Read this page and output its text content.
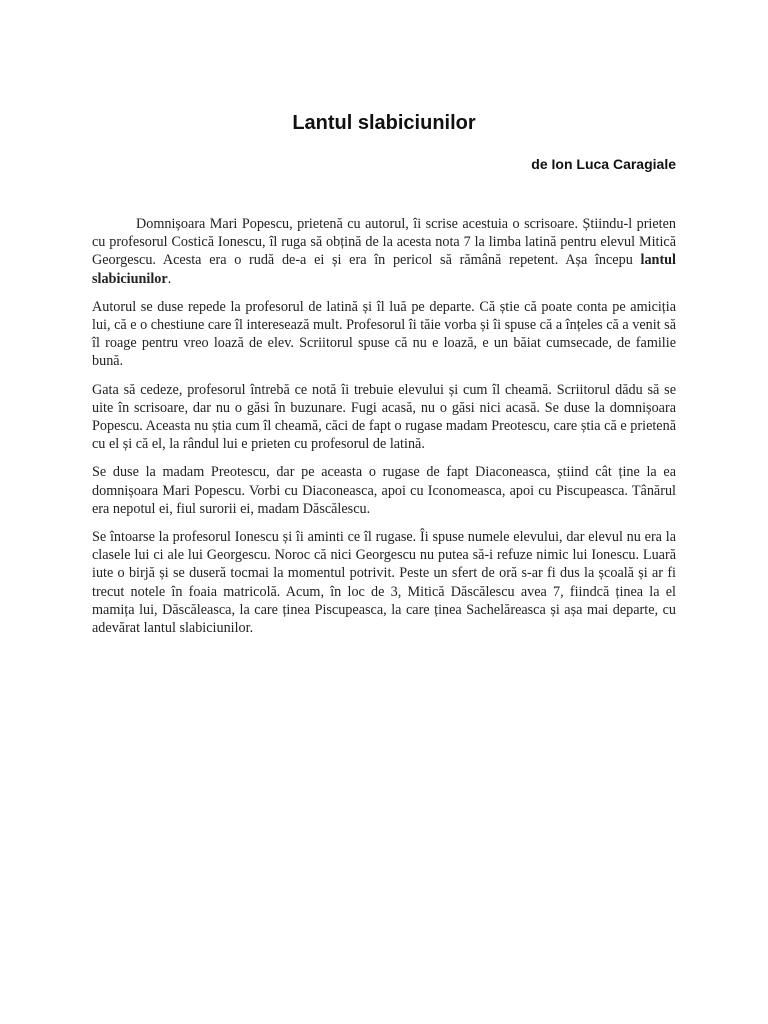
Lantul slabiciunilor

de Ion Luca Caragiale

Domnișoara Mari Popescu, prietenă cu autorul, îi scrise acestuia o scrisoare. Știindu-l prieten cu profesorul Costică Ionescu, îl ruga să obțină de la acesta nota 7 la limba latină pentru elevul Mitică Georgescu. Acesta era o rudă de-a ei și era în pericol să rămână repetent. Așa începu lantul slabiciunilor.

Autorul se duse repede la profesorul de latină și îl luă pe departe. Că știe că poate conta pe amiciția lui, că e o chestiune care îl interesează mult. Profesorul îi tăie vorba și îi spuse că a înțeles că a venit să îl roage pentru vreo loază de elev. Scriitorul spuse că nu e loază, e un băiat cumsecade, de familie bună.

Gata să cedeze, profesorul întrebă ce notă îi trebuie elevului și cum îl cheamă. Scriitorul dădu să se uite în scrisoare, dar nu o găsi în buzunare. Fugi acasă, nu o găsi nici acasă. Se duse la domnișoara Popescu. Aceasta nu știa cum îl cheamă, căci de fapt o rugase madam Preotescu, care știa că e prietenă cu el și că el, la rândul lui e prieten cu profesorul de latină.

Se duse la madam Preotescu, dar pe aceasta o rugase de fapt Diaconeasca, știind cât ține la ea domnișoara Mari Popescu. Vorbi cu Diaconeasca, apoi cu Iconomeasca, apoi cu Piscupeasca. Tânărul era nepotul ei, fiul surorii ei, madam Dăscălescu.

Se întoarse la profesorul Ionescu și îi aminti ce îl rugase. Îi spuse numele elevului, dar elevul nu era la clasele lui ci ale lui Georgescu. Noroc că nici Georgescu nu putea să-i refuze nimic lui Ionescu. Luară iute o birjă și se duseră tocmai la momentul potrivit. Peste un sfert de oră s-ar fi dus la școală și ar fi trecut notele în foaia matricolă. Acum, în loc de 3, Mitică Dăscălescu avea 7, fiindcă ținea la el mamița lui, Dăscăleasca, la care ținea Piscupeasca, la care ținea Sachelăreasca și așa mai departe, cu adevărat lantul slabiciunilor.
